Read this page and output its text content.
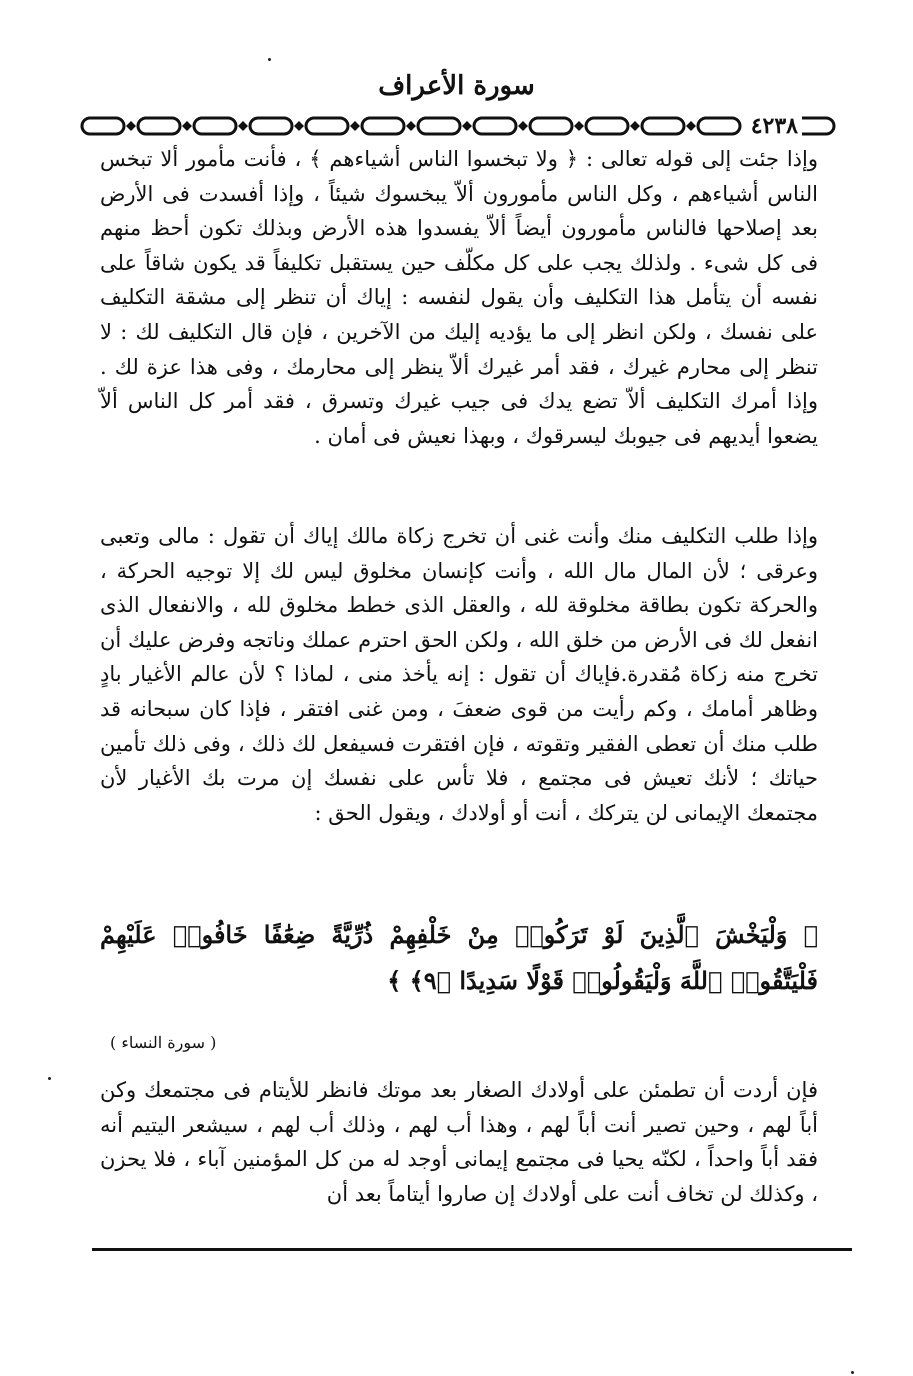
سورة الأعراف
٤٢٣٨
وإذا جئت إلى قوله تعالى : ﴿ ولا تبخسوا الناس أشياءهم ﴾ ، فأنت مأمور ألا تبخس الناس أشياءهم ، وكل الناس مأمورون ألاّ يبخسوك شيئاً ، وإذا أفسدت فى الأرض بعد إصلاحها فالناس مأمورون أيضاً ألاّ يفسدوا هذه الأرض وبذلك تكون أحظ منهم فى كل شىء . ولذلك يجب على كل مكلّف حين يستقبل تكليفاً قد يكون شاقاً على نفسه أن يتأمل هذا التكليف وأن يقول لنفسه : إياك أن تنظر إلى مشقة التكليف على نفسك ، ولكن انظر إلى ما يؤديه إليك من الآخرين ، فإن قال التكليف لك : لا تنظر إلى محارم غيرك ، فقد أمر غيرك ألاّ ينظر إلى محارمك ، وفى هذا عزة لك . وإذا أمرك التكليف ألاّ تضع يدك فى جيب غيرك وتسرق ، فقد أمر كل الناس ألاّ يضعوا أيديهم فى جيوبك ليسرقوك ، وبهذا نعيش فى أمان .
وإذا طلب التكليف منك وأنت غنى أن تخرج زكاة مالك إياك أن تقول : مالى وتعبى وعرقى ؛ لأن المال مال الله ، وأنت كإنسان مخلوق ليس لك إلا توجيه الحركة ، والحركة تكون بطاقة مخلوقة لله ، والعقل الذى خطط مخلوق لله ، والانفعال الذى انفعل لك فى الأرض من خلق الله ، ولكن الحق احترم عملك وناتجه وفرض عليك أن تخرج منه زكاة مُقدرة.فإياك أن تقول : إنه يأخذ منى ، لماذا ؟ لأن عالم الأغيار بادٍ وظاهر أمامك ، وكم رأيت من قوى ضعفَ ، ومن غنى افتقر ، فإذا كان سبحانه قد طلب منك أن تعطى الفقير وتقوته ، فإن افتقرت فسيفعل لك ذلك ، وفى ذلك تأمين حياتك ؛ لأنك تعيش فى مجتمع ، فلا تأس على نفسك إن مرت بك الأغيار لأن مجتمعك الإيمانى لن يتركك ، أنت أو أولادك ، ويقول الحق :
﴿ وَلْيَخْشَ ٱلَّذِينَ لَوْ تَرَكُوا۟ مِنْ خَلْفِهِمْ ذُرِّيَّةً ضِعَٰفًا خَافُوا۟ عَلَيْهِمْ فَلْيَتَّقُوا۟ ٱللَّهَ وَلْيَقُولُوا۟ قَوْلًا سَدِيدًا ﴿٩﴾ ﴾
( سورة النساء )
فإن أردت أن تطمئن على أولادك الصغار بعد موتك فانظر للأيتام فى مجتمعك وكن أباً لهم ، وحين تصير أنت أباً لهم ، وهذا أب لهم ، وذلك أب لهم ، سيشعر اليتيم أنه فقد أباً واحداً ، لكنّه يحيا فى مجتمع إيمانى أوجد له من كل المؤمنين آباء ، فلا يحزن ، وكذلك لن تخاف أنت على أولادك إن صاروا أيتاماً بعد أن
